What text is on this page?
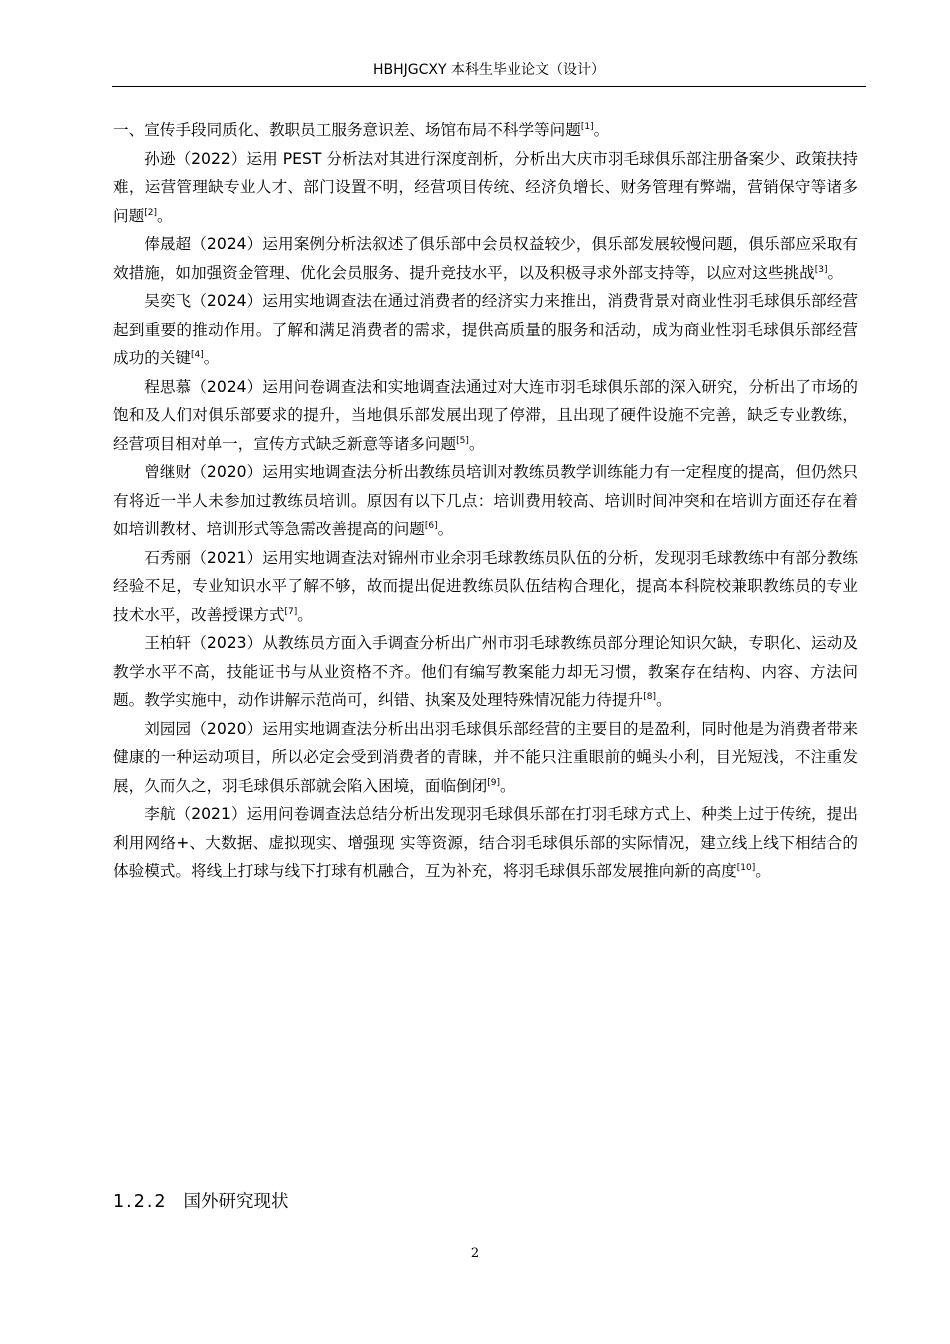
HBHJGCXY 本科生毕业论文（设计）

一、宣传手段同质化、教职员工服务意识差、场馆布局不科学等问题[1]。

孙逊（2022）运用 PEST 分析法对其进行深度剖析，分析出大庆市羽毛球俱乐部注册备案少、政策扶持难，运营管理缺专业人才、部门设置不明，经营项目传统、经济负增长、财务管理有弊端，营销保守等诸多问题[2]。

俸晟超（2024）运用案例分析法叙述了俱乐部中会员权益较少，俱乐部发展较慢问题，俱乐部应采取有效措施，如加强资金管理、优化会员服务、提升竞技水平，以及积极寻求外部支持等，以应对这些挑战[3]。

吴奕飞（2024）运用实地调查法在通过消费者的经济实力来推出，消费背景对商业性羽毛球俱乐部经营起到重要的推动作用。了解和满足消费者的需求，提供高质量的服务和活动，成为商业性羽毛球俱乐部经营成功的关键[4]。

程思慕（2024）运用问卷调查法和实地调查法通过对大连市羽毛球俱乐部的深入研究，分析出了市场的饱和及人们对俱乐部要求的提升，当地俱乐部发展出现了停滞，且出现了硬件设施不完善，缺乏专业教练，经营项目相对单一，宣传方式缺乏新意等诸多问题[5]。

曾继财（2020）运用实地调查法分析出教练员培训对教练员教学训练能力有一定程度的提高，但仍然只有将近一半人未参加过教练员培训。原因有以下几点：培训费用较高、培训时间冲突和在培训方面还存在着如培训教材、培训形式等急需改善提高的问题[6]。

石秀丽（2021）运用实地调查法对锦州市业余羽毛球教练员队伍的分析，发现羽毛球教练中有部分教练经验不足，专业知识水平了解不够，故而提出促进教练员队伍结构合理化，提高本科院校兼职教练员的专业技术水平，改善授课方式[7]。

王柏轩（2023）从教练员方面入手调查分析出广州市羽毛球教练员部分理论知识欠缺，专职化、运动及教学水平不高，技能证书与从业资格不齐。他们有编写教案能力却无习惯，教案存在结构、内容、方法问题。教学实施中，动作讲解示范尚可，纠错、执案及处理特殊情况能力待提升[8]。

刘园园（2020）运用实地调查法分析出出羽毛球俱乐部经营的主要目的是盈利，同时他是为消费者带来健康的一种运动项目，所以必定会受到消费者的青睐，并不能只注重眼前的蝇头小利，目光短浅，不注重发展，久而久之，羽毛球俱乐部就会陷入困境，面临倒闭[9]。

李航（2021）运用问卷调查法总结分析出发现羽毛球俱乐部在打羽毛球方式上、种类上过于传统，提出利用网络+、大数据、虚拟现实、增强现 实等资源，结合羽毛球俱乐部的实际情况，建立线上线下相结合的体验模式。将线上打球与线下打球有机融合，互为补充，将羽毛球俱乐部发展推向新的高度[10]。

1.2.2 国外研究现状
2
